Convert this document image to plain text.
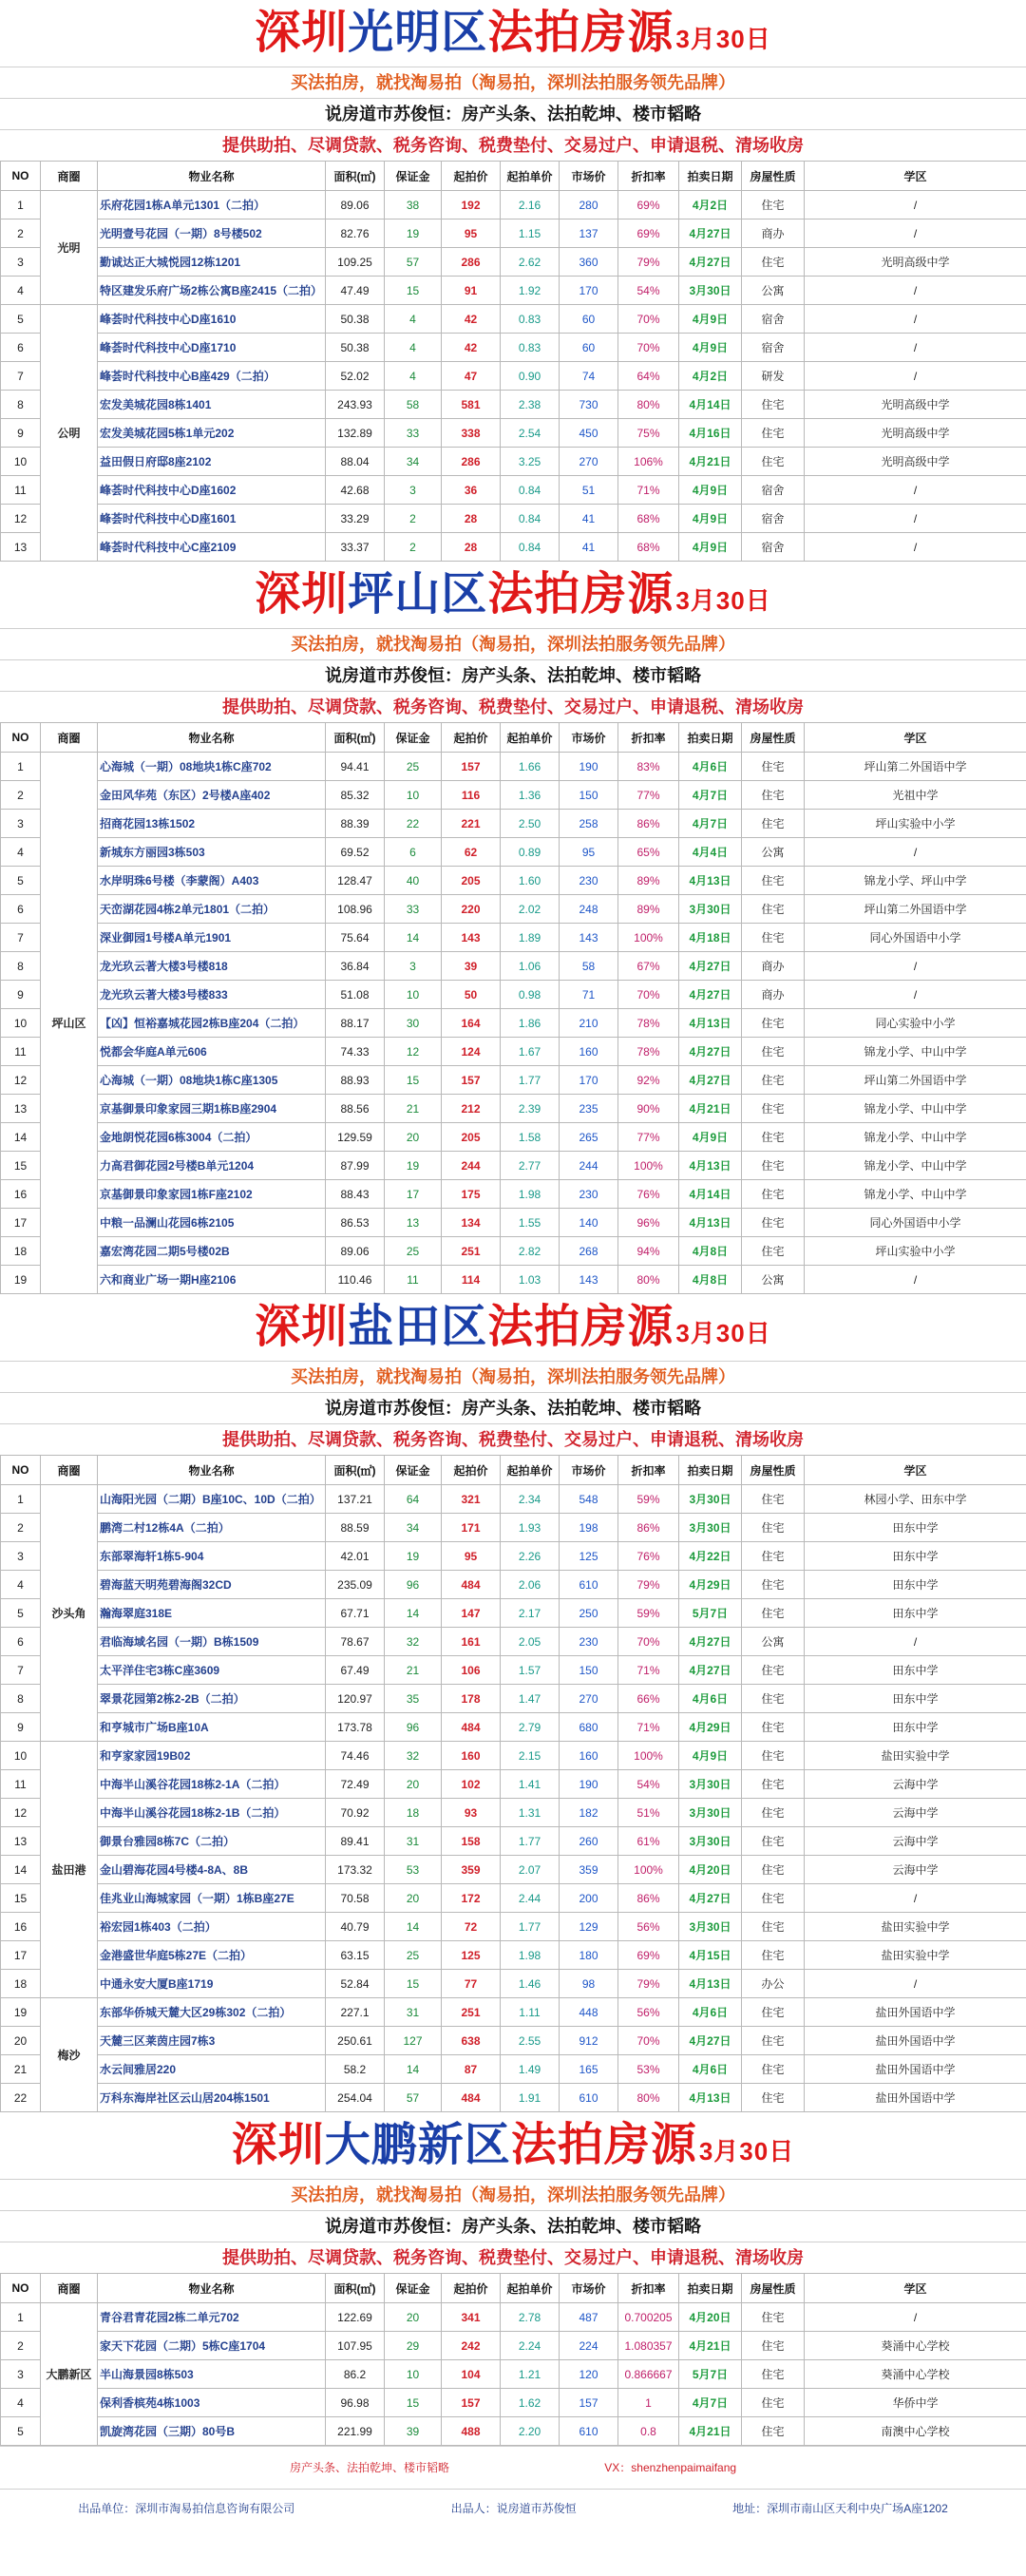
深圳光明区法拍房源3月30日
买法拍房，就找淘易拍（淘易拍，深圳法拍服务领先品牌）
说房道市苏俊恒：房产头条、法拍乾坤、楼市韬略
提供助拍、尽调贷款、税务咨询、税费垫付、交易过户、申请退税、清场收房
NO	商圈	物业名称	面积(㎡)	保证金	起拍价	起拍单价	市场价	折扣率	拍卖日期	房屋性质	学区
1	光明	乐府花园1栋A单元1301（二拍）	89.06	38	192	2.16	280	69%	4月2日	住宅	/
2		光明壹号花园（一期）8号楼502	82.76	19	95	1.15	137	69%	4月27日	商办	/
3		勤诚达正大城悦园12栋1201	109.25	57	286	2.62	360	79%	4月27日	住宅	光明高级中学
4		特区建发乐府广场2栋公寓B座2415（二拍）	47.49	15	91	1.92	170	54%	3月30日	公寓	/
5	公明	峰荟时代科技中心D座1610	50.38	4	42	0.83	60	70%	4月9日	宿舍	/
6		峰荟时代科技中心D座1710	50.38	4	42	0.83	60	70%	4月9日	宿舍	/
7		峰荟时代科技中心B座429（二拍）	52.02	4	47	0.90	74	64%	4月2日	研发	/
8		宏发美城花园8栋1401	243.93	58	581	2.38	730	80%	4月14日	住宅	光明高级中学
9		宏发美城花园5栋1单元202	132.89	33	338	2.54	450	75%	4月16日	住宅	光明高级中学
10		益田假日府邸8座2102	88.04	34	286	3.25	270	106%	4月21日	住宅	光明高级中学
11		峰荟时代科技中心D座1602	42.68	3	36	0.84	51	71%	4月9日	宿舍	/
12		峰荟时代科技中心D座1601	33.29	2	28	0.84	41	68%	4月9日	宿舍	/
13		峰荟时代科技中心C座2109	33.37	2	28	0.84	41	68%	4月9日	宿舍	/
深圳坪山区法拍房源3月30日
买法拍房，就找淘易拍（淘易拍，深圳法拍服务领先品牌）
说房道市苏俊恒：房产头条、法拍乾坤、楼市韬略
提供助拍、尽调贷款、税务咨询、税费垫付、交易过户、申请退税、清场收房
NO	商圈	物业名称	面积(㎡)	保证金	起拍价	起拍单价	市场价	折扣率	拍卖日期	房屋性质	学区
1	坪山区	心海城（一期）08地块1栋C座702	94.41	25	157	1.66	190	83%	4月6日	住宅	坪山第二外国语中学
2		金田风华苑（东区）2号楼A座402	85.32	10	116	1.36	150	77%	4月7日	住宅	光祖中学
3		招商花园13栋1502	88.39	22	221	2.50	258	86%	4月7日	住宅	坪山实验中小学
4		新城东方丽园3栋503	69.52	6	62	0.89	95	65%	4月4日	公寓	/
5		水岸明珠6号楼（李蒙阁）A403	128.47	40	205	1.60	230	89%	4月13日	住宅	锦龙小学、坪山中学
6		天峦湖花园4栋2单元1801（二拍）	108.96	33	220	2.02	248	89%	3月30日	住宅	坪山第二外国语中学
7		深业御园1号楼A单元1901	75.64	14	143	1.89	143	100%	4月18日	住宅	同心外国语中小学
8		龙光玖云著大楼3号楼818	36.84	3	39	1.06	58	67%	4月27日	商办	/
9		龙光玖云著大楼3号楼833	51.08	10	50	0.98	71	70%	4月27日	商办	/
10		【凶】恒裕嘉城花园2栋B座204（二拍）	88.17	30	164	1.86	210	78%	4月13日	住宅	同心实验中小学
11		悦都会华庭A单元606	74.33	12	124	1.67	160	78%	4月27日	住宅	锦龙小学、中山中学
12		心海城（一期）08地块1栋C座1305	88.93	15	157	1.77	170	92%	4月27日	住宅	坪山第二外国语中学
13		京基御景印象家园三期1栋B座2904	88.56	21	212	2.39	235	90%	4月21日	住宅	锦龙小学、中山中学
14		金地朗悦花园6栋3004（二拍）	129.59	20	205	1.58	265	77%	4月9日	住宅	锦龙小学、中山中学
15		力高君御花园2号楼B单元1204	87.99	19	244	2.77	244	100%	4月13日	住宅	锦龙小学、中山中学
16		京基御景印象家园1栋F座2102	88.43	17	175	1.98	230	76%	4月14日	住宅	锦龙小学、中山中学
17		中粮一品澜山花园6栋2105	86.53	13	134	1.55	140	96%	4月13日	住宅	同心外国语中小学
18		嘉宏湾花园二期5号楼02B	89.06	25	251	2.82	268	94%	4月8日	住宅	坪山实验中小学
19		六和商业广场一期H座2106	110.46	11	114	1.03	143	80%	4月8日	公寓	/
深圳盐田区法拍房源3月30日
买法拍房，就找淘易拍（淘易拍，深圳法拍服务领先品牌）
说房道市苏俊恒：房产头条、法拍乾坤、楼市韬略
提供助拍、尽调贷款、税务咨询、税费垫付、交易过户、申请退税、清场收房
NO	商圈	物业名称	面积(㎡)	保证金	起拍价	起拍单价	市场价	折扣率	拍卖日期	房屋性质	学区
1	沙头角	山海阳光园（二期）B座10C、10D（二拍）	137.21	64	321	2.34	548	59%	3月30日	住宅	林园小学、田东中学
2		鹏湾二村12栋4A（二拍）	88.59	34	171	1.93	198	86%	3月30日	住宅	田东中学
3		东部翠海轩1栋5-904	42.01	19	95	2.26	125	76%	4月22日	住宅	田东中学
4		碧海蓝天明苑碧海阁32CD	235.09	96	484	2.06	610	79%	4月29日	住宅	田东中学
5		瀚海翠庭318E	67.71	14	147	2.17	250	59%	5月7日	住宅	田东中学
6		君临海域名园（一期）B栋1509	78.67	32	161	2.05	230	70%	4月27日	公寓	/
7		太平洋住宅3栋C座3609	67.49	21	106	1.57	150	71%	4月27日	住宅	田东中学
8		翠景花园第2栋2-2B（二拍）	120.97	35	178	1.47	270	66%	4月6日	住宅	田东中学
9		和亨城市广场B座10A	173.78	96	484	2.79	680	71%	4月29日	住宅	田东中学
10	盐田港	和亨家家园19B02	74.46	32	160	2.15	160	100%	4月9日	住宅	盐田实验中学
11		中海半山溪谷花园18栋2-1A（二拍）	72.49	20	102	1.41	190	54%	3月30日	住宅	云海中学
12		中海半山溪谷花园18栋2-1B（二拍）	70.92	18	93	1.31	182	51%	3月30日	住宅	云海中学
13		御景台雅园8栋7C（二拍）	89.41	31	158	1.77	260	61%	3月30日	住宅	云海中学
14		金山碧海花园4号楼4-8A、8B	173.32	53	359	2.07	359	100%	4月20日	住宅	云海中学
15		佳兆业山海城家园（一期）1栋B座27E	70.58	20	172	2.44	200	86%	4月27日	住宅	/
16		裕宏园1栋403（二拍）	40.79	14	72	1.77	129	56%	3月30日	住宅	盐田实验中学
17		金港盛世华庭5栋27E（二拍）	63.15	25	125	1.98	180	69%	4月15日	住宅	盐田实验中学
18		中通永安大厦B座1719	52.84	15	77	1.46	98	79%	4月13日	办公	/
19	梅沙	东部华侨城天麓大区29栋302（二拍）	227.1	31	251	1.11	448	56%	4月6日	住宅	盐田外国语中学
20		天麓三区莱茵庄园7栋3	250.61	127	638	2.55	912	70%	4月27日	住宅	盐田外国语中学
21		水云间雅居220	58.2	14	87	1.49	165	53%	4月6日	住宅	盐田外国语中学
22		万科东海岸社区云山居204栋1501	254.04	57	484	1.91	610	80%	4月13日	住宅	盐田外国语中学
深圳大鹏新区法拍房源3月30日
买法拍房，就找淘易拍（淘易拍，深圳法拍服务领先品牌）
说房道市苏俊恒：房产头条、法拍乾坤、楼市韬略
提供助拍、尽调贷款、税务咨询、税费垫付、交易过户、申请退税、清场收房
NO	商圈	物业名称	面积(㎡)	保证金	起拍价	起拍单价	市场价	折扣率	拍卖日期	房屋性质	学区
1	大鹏新区	青谷君青花园2栋二单元702	122.69	20	341	2.78	487	0.700205	4月20日	住宅	/
2		家天下花园（二期）5栋C座1704	107.95	29	242	2.24	224	1.080357	4月21日	住宅	葵涌中心学校
3		半山海景园8栋503	86.2	10	104	1.21	120	0.866667	5月7日	住宅	葵涌中心学校
4		保利香槟苑4栋1003	96.98	15	157	1.62	157	1	4月7日	住宅	华侨中学
5		凯旋湾花园（三期）80号B	221.99	39	488	2.20	610	0.8	4月21日	住宅	南澳中心学校
房产头条、法拍乾坤、楼市韬略	VX：shenzhenpaimaifang
出品单位：深圳市淘易拍信息咨询有限公司	出品人：说房道市苏俊恒	地址：深圳市南山区天利中央广场A座1202
